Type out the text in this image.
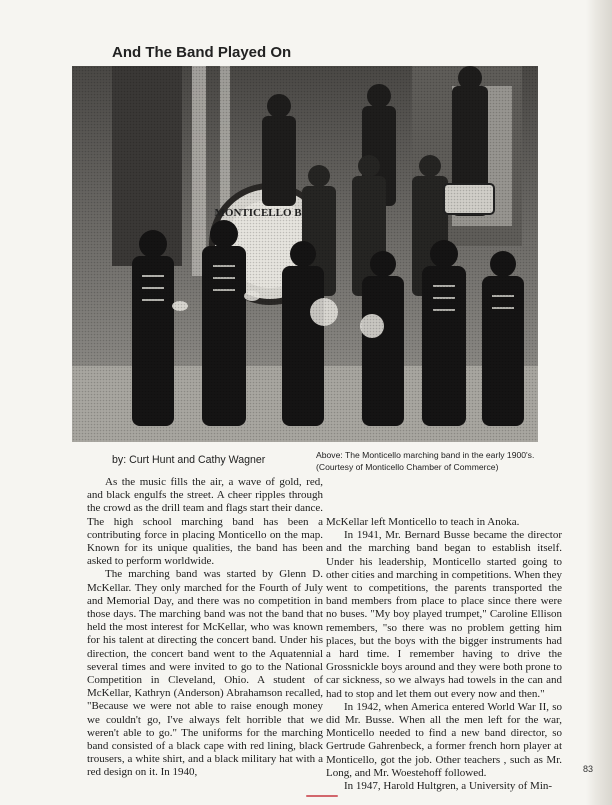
And The Band Played On

by: Curt Hunt and Cathy Wagner	Above: The Monticello marching band in the early 1900's. (Courtesy of Monticello Chamber of Commerce)

As the music fills the air, a wave of gold, red, and black engulfs the street. A cheer ripples through the crowd as the drill team and flags start their dance. The high school marching band has been a contributing force in placing Monticello on the map. Known for its unique qualities, the band has been asked to perform worldwide.

The marching band was started by Glenn D. McKellar. They only marched for the Fourth of July and Memorial Day, and there was no competition in those days. The marching band was not the band that held the most interest for McKellar, who was known for his talent at directing the concert band. Under his direction, the concert band went to the Aquatennial several times and were invited to go to the National Competition in Cleveland, Ohio. A student of McKellar, Kathryn (Anderson) Abrahamson recalled, "Because we were not able to raise enough money we couldn't go, I've always felt horrible that we weren't able to go." The uniforms for the marching band consisted of a black cape with red lining, black trousers, a white shirt, and a black military hat with a red design on it. In 1940,

McKellar left Monticello to teach in Anoka.

In 1941, Mr. Bernard Busse became the director and the marching band began to establish itself. Under his leadership, Monticello started going to other cities and marching in competitions. When they went to competitions, the parents transported the band members from place to place since there were no buses. "My boy played trumpet," Caroline Ellison remembers, "so there was no problem getting him places, but the boys with the bigger instruments had a hard time. I remember having to drive the Grossnickle boys around and they were both prone to car sickness, so we always had towels in the can and had to stop and let them out every now and then."

In 1942, when America entered World War II, so did Mr. Busse. When all the men left for the war, Monticello needed to find a new band director, so Gertrude Gahrenbeck, a former french horn player at Monticello, got the job. Other teachers , such as Mr. Long, and Mr. Woestehoff followed.

In 1947, Harold Hultgren, a University of Min-

83
